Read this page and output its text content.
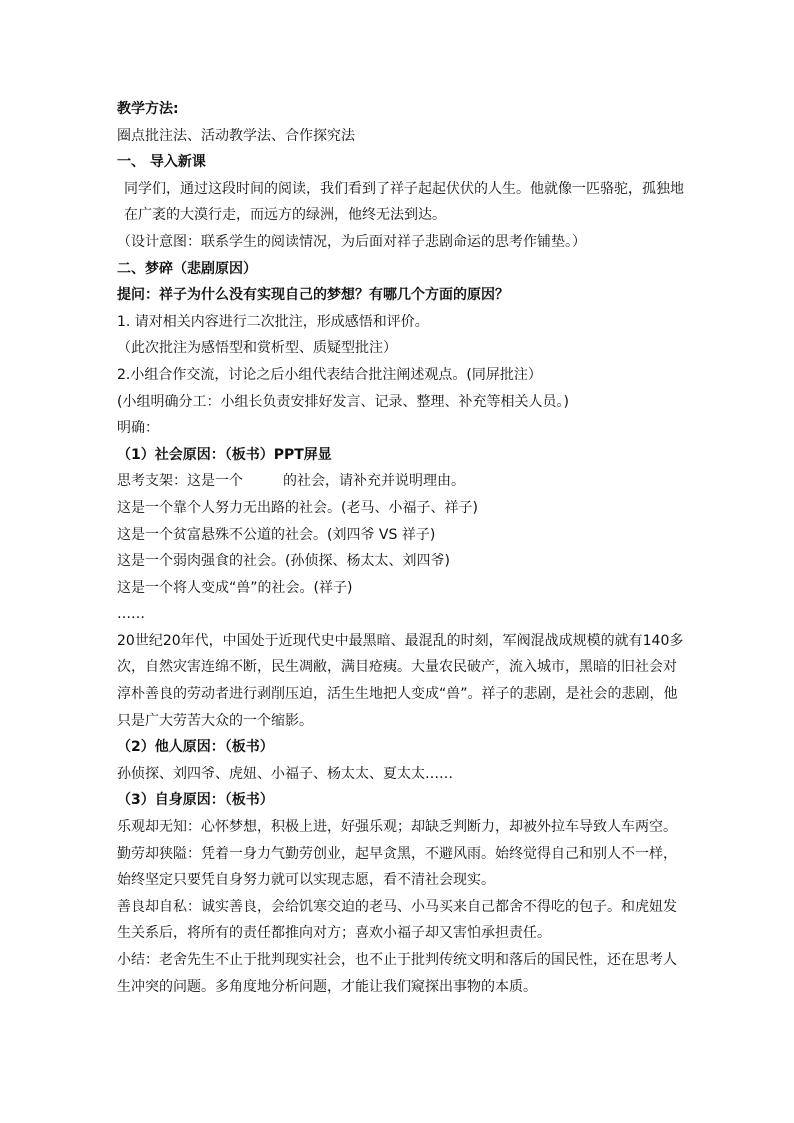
教学方法:
圈点批注法、活动教学法、合作探究法
一、 导入新课
同学们，通过这段时间的阅读，我们看到了祥子起起伏伏的人生。他就像一匹骆驼，孤独地在广袤的大漠行走，而远方的绿洲，他终无法到达。
（设计意图：联系学生的阅读情况，为后面对祥子悲剧命运的思考作铺垫。）
二、梦碎（悲剧原因）
提问：祥子为什么没有实现自己的梦想？有哪几个方面的原因？
1. 请对相关内容进行二次批注，形成感悟和评价。
（此次批注为感悟型和赏析型、质疑型批注）
2.小组合作交流，讨论之后小组代表结合批注阐述观点。(同屏批注）
(小组明确分工：小组长负责安排好发言、记录、整理、补充等相关人员。)
明确：
（1）社会原因：（板书）PPT屏显
思考支架：这是一个	的社会，请补充并说明理由。
这是一个靠个人努力无出路的社会。(老马、小福子、祥子)
这是一个贫富悬殊不公道的社会。(刘四爷 VS 祥子)
这是一个弱肉强食的社会。(孙侦探、杨太太、刘四爷)
这是一个将人变成“兽”的社会。(祥子)
……
20世纪20年代，中国处于近现代史中最黑暗、最混乱的时刻，军阀混战成规模的就有140多次，自然灾害连绵不断，民生凋敝，满目疮痍。大量农民破产，流入城市，黑暗的旧社会对淳朴善良的劳动者进行剥削压迫，活生生地把人变成“兽”。祥子的悲剧，是社会的悲剧，他只是广大劳苦大众的一个缩影。
（2）他人原因：（板书）
孙侦探、刘四爷、虎妞、小福子、杨太太、夏太太……
（3）自身原因：（板书）
乐观却无知：心怀梦想，积极上进，好强乐观；却缺乏判断力，却被外拉车导致人车两空。
勤劳却狭隘：凭着一身力气勤劳创业，起早贪黑，不避风雨。始终觉得自己和别人不一样，始终坚定只要凭自身努力就可以实现志愿，看不清社会现实。
善良却自私：诚实善良，会给饥寒交迫的老马、小马买来自己都舍不得吃的包子。和虎妞发生关系后，将所有的责任都推向对方；喜欢小福子却又害怕承担责任。
小结：老舍先生不止于批判现实社会，也不止于批判传统文明和落后的国民性，还在思考人生冲突的问题。多角度地分析问题，才能让我们窥探出事物的本质。
